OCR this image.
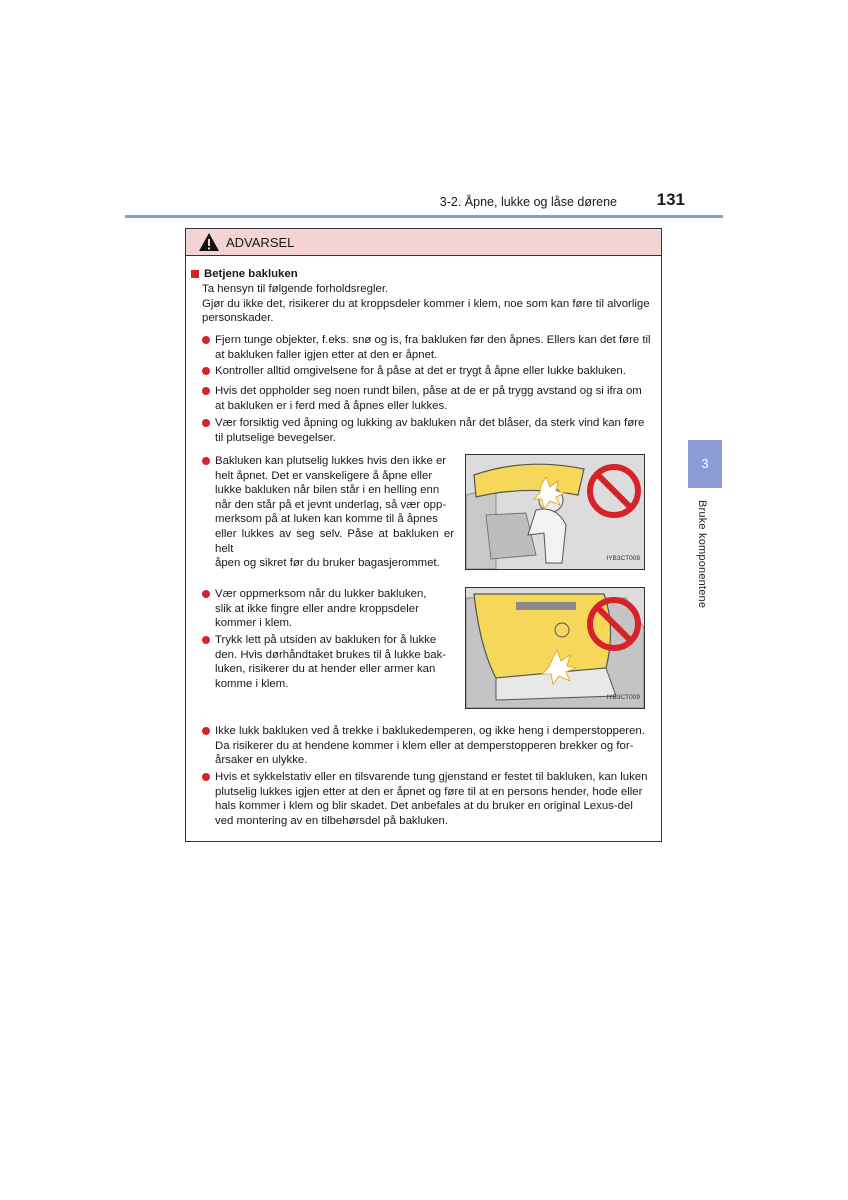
3-2. Åpne, lukke og låse dørene 131
3
Bruke komponentene
ADVARSEL
Betjene bakluken
Ta hensyn til følgende forholdsregler.
Gjør du ikke det, risikerer du at kroppsdeler kommer i klem, noe som kan føre til alvorlige
personskader.
Fjern tunge objekter, f.eks. snø og is, fra bakluken før den åpnes. Ellers kan det føre til
at bakluken faller igjen etter at den er åpnet.
Kontroller alltid omgivelsene for å påse at det er trygt å åpne eller lukke bakluken.
Hvis det oppholder seg noen rundt bilen, påse at de er på trygg avstand og si ifra om
at bakluken er i ferd med å åpnes eller lukkes.
Vær forsiktig ved åpning og lukking av bakluken når det blåser, da sterk vind kan føre
til plutselige bevegelser.
Bakluken kan plutselig lukkes hvis den ikke er
helt åpnet. Det er vanskeligere å åpne eller
lukke bakluken når bilen står i en helling enn
når den står på et jevnt underlag, så vær opp-
merksom på at luken kan komme til å åpnes
eller lukkes av seg selv. Påse at bakluken er helt
åpen og sikret før du bruker bagasjerommet.	IYB3CT008
Vær oppmerksom når du lukker bakluken,
slik at ikke fingre eller andre kroppsdeler
kommer i klem.
Trykk lett på utsiden av bakluken for å lukke
den. Hvis dørhåndtaket brukes til å lukke bak-
luken, risikerer du at hender eller armer kan
komme i klem.
IYB3CT009
Ikke lukk bakluken ved å trekke i baklukedemperen, og ikke heng i demperstopperen.
Da risikerer du at hendene kommer i klem eller at demperstopperen brekker og for-
årsaker en ulykke.
Hvis et sykkelstativ eller en tilsvarende tung gjenstand er festet til bakluken, kan luken
plutselig lukkes igjen etter at den er åpnet og føre til at en persons hender, hode eller
hals kommer i klem og blir skadet. Det anbefales at du bruker en original Lexus-del
ved montering av en tilbehørsdel på bakluken.
